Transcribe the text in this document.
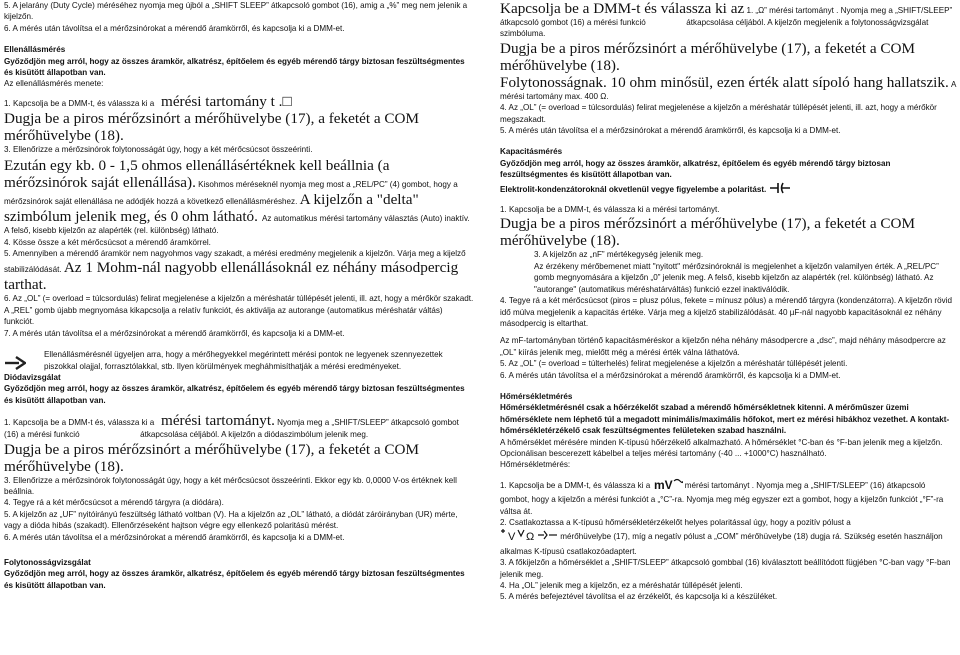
5. A jelarány (Duty Cycle) méréséhez nyomja meg újból a „SHIFT SLEEP” átkapcsoló gombot (16), amig a „%” meg nem jelenik a kijelzőn.

6. A mérés után távolítsa el a mérőzsinórokat a mérendő áramkörről, és kapcsolja ki a DMM-et.

Ellenállásmérés

Győződjön meg arról, hogy az összes áramkör, alkatrész, építőelem és egyéb mérendő tárgy biztosan feszültségmentes és kisütött állapotban van.

Az ellenállásmérés menete:

1. Kapcsolja be a DMM-t, és válassza ki a mérési tartomány t .□

Dugja be a piros mérőzsinórt a mérőhüvelybe (17), a feketét a COM mérőhüvelybe (18).

3. Ellenőrizze a mérőzsinórok folytonosságát úgy, hogy a két mérőcsúcsot összeérinti.

Ezután egy kb. 0 - 1,5 ohmos ellenállásértéknek kell beállnia (a mérőzsinórok saját ellenállása). Kisohmos méréseknél nyomja meg most a „REL/PC” (4) gombot, hogy a mérőzsinórok saját ellenállása ne adódjék hozzá a következő ellenállásméréshez. A kijelzőn a "delta" szimbólum jelenik meg, és 0 ohm látható. Az automatikus mérési tartomány választás (Auto) inaktív. A felső, kisebb kijelzőn az alapérték (rel. különbség) látható.

4. Kösse össze a két mérőcsúcsot a mérendő áramkörrel.

5. Amennyiben a mérendő áramkör nem nagyohmos vagy szakadt, a mérési eredmény megjelenik a kijelzőn. Várja meg a kijelző stabilizálódását. Az 1 Mohm-nál nagyobb ellenállásoknál ez néhány másodpercig tarthat.

6. Az „OL” (= overload = túlcsordulás) felirat megjelenése a kijelzőn a méréshatár túllépését jelenti, ill. azt, hogy a mérőkör szakadt. A „REL” gomb újabb megnyomása kikapcsolja a relatív funkciót, és aktiválja az autorange (automatikus méréshatár váltás) funkciót.

7. A mérés után távolítsa el a mérőzsinórokat a mérendő áramkörről, és kapcsolja ki a DMM-et.

Ellenállásmérésnél ügyeljen arra, hogy a mérőhegyekkel megérintett mérési pontok ne legyenek szennyezettek piszokkal olajjal, forrasztólakkal, stb. Ilyen körülmények megháhmisíthatják a mérési eredményeket.

Diódavizsgálat

Győződjön meg arról, hogy az összes áramkör, alkatrész, építőelem és egyéb mérendő tárgy biztosan feszültségmentes és kisütött állapotban van.

1. Kapcsolja be a DMM-t és, válassza ki a mérési tartományt. Nyomja meg a „SHIFT/SLEEP” átkapcsoló gombot (16) a mérési funkció	átkapcsolása céljából. A kijelzőn a diódaszimbólum jelenik meg.

Dugja be a piros mérőzsinórt a mérőhüvelybe (17), a feketét a COM mérőhüvelybe (18).

3. Ellenőrizze a mérőzsinórok folytonosságát úgy, hogy a két mérőcsúcsot összeérinti. Ekkor egy kb. 0,0000 V-os értéknek kell beállnia.

4. Tegye rá a két mérőcsúcsot a mérendő tárgyra (a diódára).

5. A kijelzőn az „UF” nyitóirányú feszültség látható voltban (V). Ha a kijelzőn az „OL” látható, a diódát záróirányban (UR) mérte, vagy a dióda hibás (szakadt). Ellenőrzéseként hajtson végre egy ellenkező polaritású mérést.

6. A mérés után távolítsa el a mérőzsinórokat a mérendő áramkörről, és kapcsolja ki a DMM-et.

Folytonosságvizsgálat

Győződjön meg arról, hogy az összes áramkör, alkatrész, építőelem és egyéb mérendő tárgy biztosan feszültségmentes és kisütött állapotban van.

Kapcsolja be a DMM-t és válassza ki az 1. „Ω” mérési tartományt . Nyomja meg a „SHIFT/SLEEP” átkapcsoló gombot (16) a mérési funkció	átkapcsolása céljából. A kijelzőn megjelenik a folytonosságvizsgálat szimbóluma.

Dugja be a piros mérőzsinórt a mérőhüvelybe (17), a feketét a COM mérőhüvelybe (18).

Folytonosságnak. 10 ohm minősül, ezen érték alatt sípoló hang hallatszik. A mérési tartomány max. 400 Ω.

4. Az „OL” (= overload = túlcsordulás) felirat megjelenése a kijelzőn a méréshatár túllépését jelenti, ill. azt, hogy a mérőkör megszakadt.

5. A mérés után távolítsa el a mérőzsinórokat a mérendő áramkörről, és kapcsolja ki a DMM-et.

Kapacitásmérés

Győződjön meg arról, hogy az összes áramkör, alkatrész, építőelem és egyéb mérendő tárgy biztosan feszültségmentes és kisütött állapotban van.

Elektrolit-kondenzátoroknál okvetlenül vegye figyelembe a polaritást.

1. Kapcsolja be a DMM-t, és válassza ki a mérési tartományt.

Dugja be a piros mérőzsinórt a mérőhüvelybe (17), a feketét a COM mérőhüvelybe (18).

3. A kijelzőn az „nF” mértékegység jelenik meg.

Az érzékeny mérőbemenet miatt "nyitott" mérőzsinóroknál is megjelenhet a kijelzőn valamilyen érték. A „REL/PC” gomb megnyomására a kijelzőn „0” jelenik meg. A felső, kisebb kijelzőn az alapérték (rel. különbség) látható. Az "autorange" (automatikus méréshatárváltás) funkció ezzel inaktiválódik.

4. Tegye rá a két mérőcsúcsot (piros = plusz pólus, fekete = mínusz pólus) a mérendő tárgyra (kondenzátorra). A kijelzőn rövid idő múlva megjelenik a kapacitás értéke. Várja meg a kijelző stabilizálódását. 40 µF-nál nagyobb kapacitásoknál ez néhány másodpercig is eltarthat.

Az mF-tartományban történő kapacitásméréskor a kijelzőn néha néhány másodpercre a „dsc”, majd néhány másodpercre az „OL” kiírás jelenik meg, mielőtt még a mérési érték válna láthatóvá.

5. Az „OL” (= overload = túlterhelés) felirat megjelenése a kijelzőn a méréshatár túllépését jelenti.

6. A mérés után távolítsa el a mérőzsinórokat a mérendő áramkörről, és kapcsolja ki a DMM-et.

Hőmérsékletmérés

Hőmérsékletmérésnél csak a hőérzékelőt szabad a mérendő hőmérsékletnek kitenni. A mérőműszer üzemi hőmérséklete nem léphető túl a megadott minimális/maximális hőfokot, mert ez mérési hibákhoz vezethet. A kontakt-hőmérsékletérzékelő csak feszültségmentes felületeken szabad használni.

A hőmérséklet mérésére minden K-típusú hőérzékelő alkalmazható. A hőmérséklet °C-ban és °F-ban jelenik meg a kijelzőn. Opcionálisan bescerezett kábelbel a teljes mérési tartomány (-40 ... +1000°C) használható.

Hőmérsékletmérés:

1. Kapcsolja be a DMM-t, és válassza ki a mV mérési tartományt . Nyomja meg a „SHIFT/SLEEP” (16) átkapcsoló gombot, hogy a kijelzőn a mérési funkciót a „°C”-ra. Nyomja meg még egyszer ezt a gombot, hogy a kijelzőn funkciót „°F”-ra váltsa át.

2. Csatlakoztassa a K-típusú hőmérsékletérzékelőt helyes polaritással úgy, hogy a pozitív pólust a

V Ω	mérőhüvelybe (17), míg a negatív pólust a „COM” mérőhüvelybe (18) dugja rá. Szükség esetén használjon alkalmas K-típusú csatlakozóadaptert.

3. A főkijelzőn a hőmérséklet a „SHIFT/SLEEP” átkapcsoló gombbal (16) kiválasztott beállítódott fügjében °C-ban vagy °F-ban jelenik meg.

4. Ha „OL” jelenik meg a kijelzőn, ez a méréshatár túllépését jelenti.

5. A mérés befejeztével távolítsa el az érzékelőt, és kapcsolja ki a készüléket.
